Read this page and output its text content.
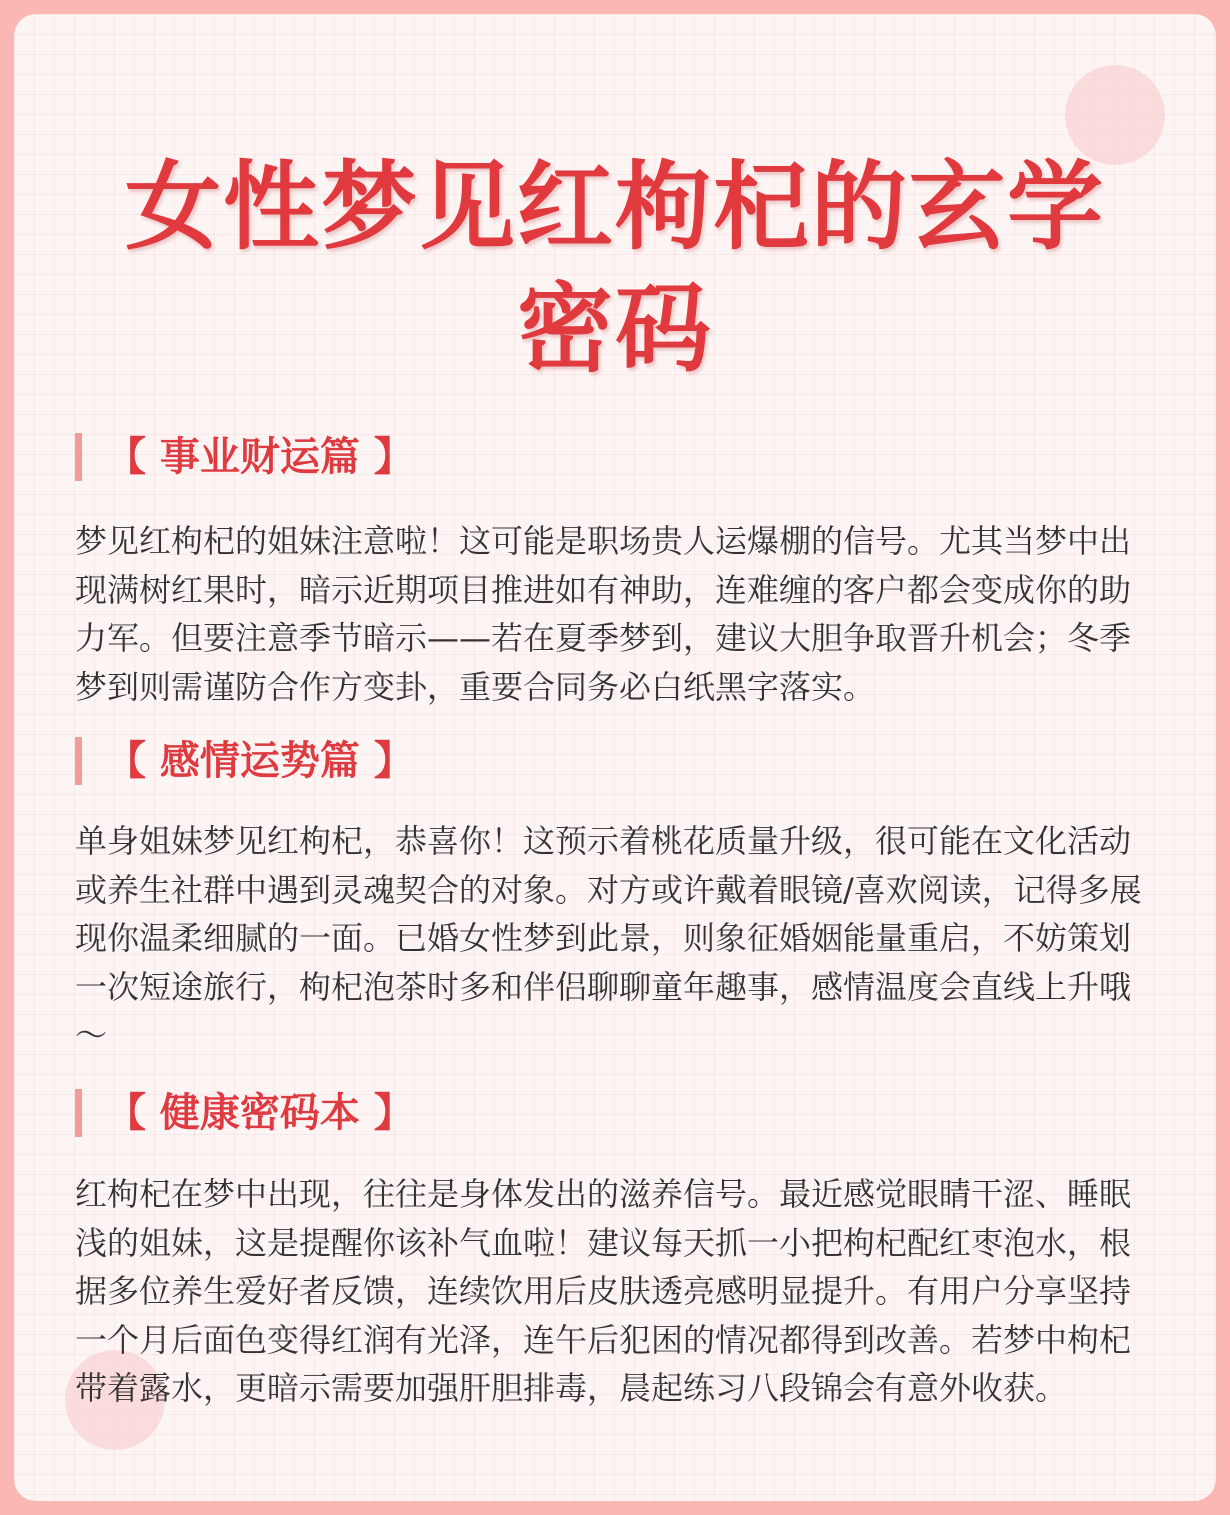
女性梦见红枸杞的玄学
密码
【 事业财运篇 】

梦见红枸杞的姐妹注意啦！这可能是职场贵人运爆棚的信号。尤其当梦中出现满树红果时，暗示近期项目推进如有神助，连难缠的客户都会变成你的助力军。但要注意季节暗示——若在夏季梦到，建议大胆争取晋升机会；冬季梦到则需谨防合作方变卦，重要合同务必白纸黑字落实。

【 感情运势篇 】

单身姐妹梦见红枸杞，恭喜你！这预示着桃花质量升级，很可能在文化活动或养生社群中遇到灵魂契合的对象。对方或许戴着眼镜/喜欢阅读，记得多展现你温柔细腻的一面。已婚女性梦到此景，则象征婚姻能量重启，不妨策划一次短途旅行，枸杞泡茶时多和伴侣聊聊童年趣事，感情温度会直线上升哦～

【 健康密码本 】

红枸杞在梦中出现，往往是身体发出的滋养信号。最近感觉眼睛干涩、睡眠浅的姐妹，这是提醒你该补气血啦！建议每天抓一小把枸杞配红枣泡水，根据多位养生爱好者反馈，连续饮用后皮肤透亮感明显提升。有用户分享坚持一个月后面色变得红润有光泽，连午后犯困的情况都得到改善。若梦中枸杞带着露水，更暗示需要加强肝胆排毒，晨起练习八段锦会有意外收获。
